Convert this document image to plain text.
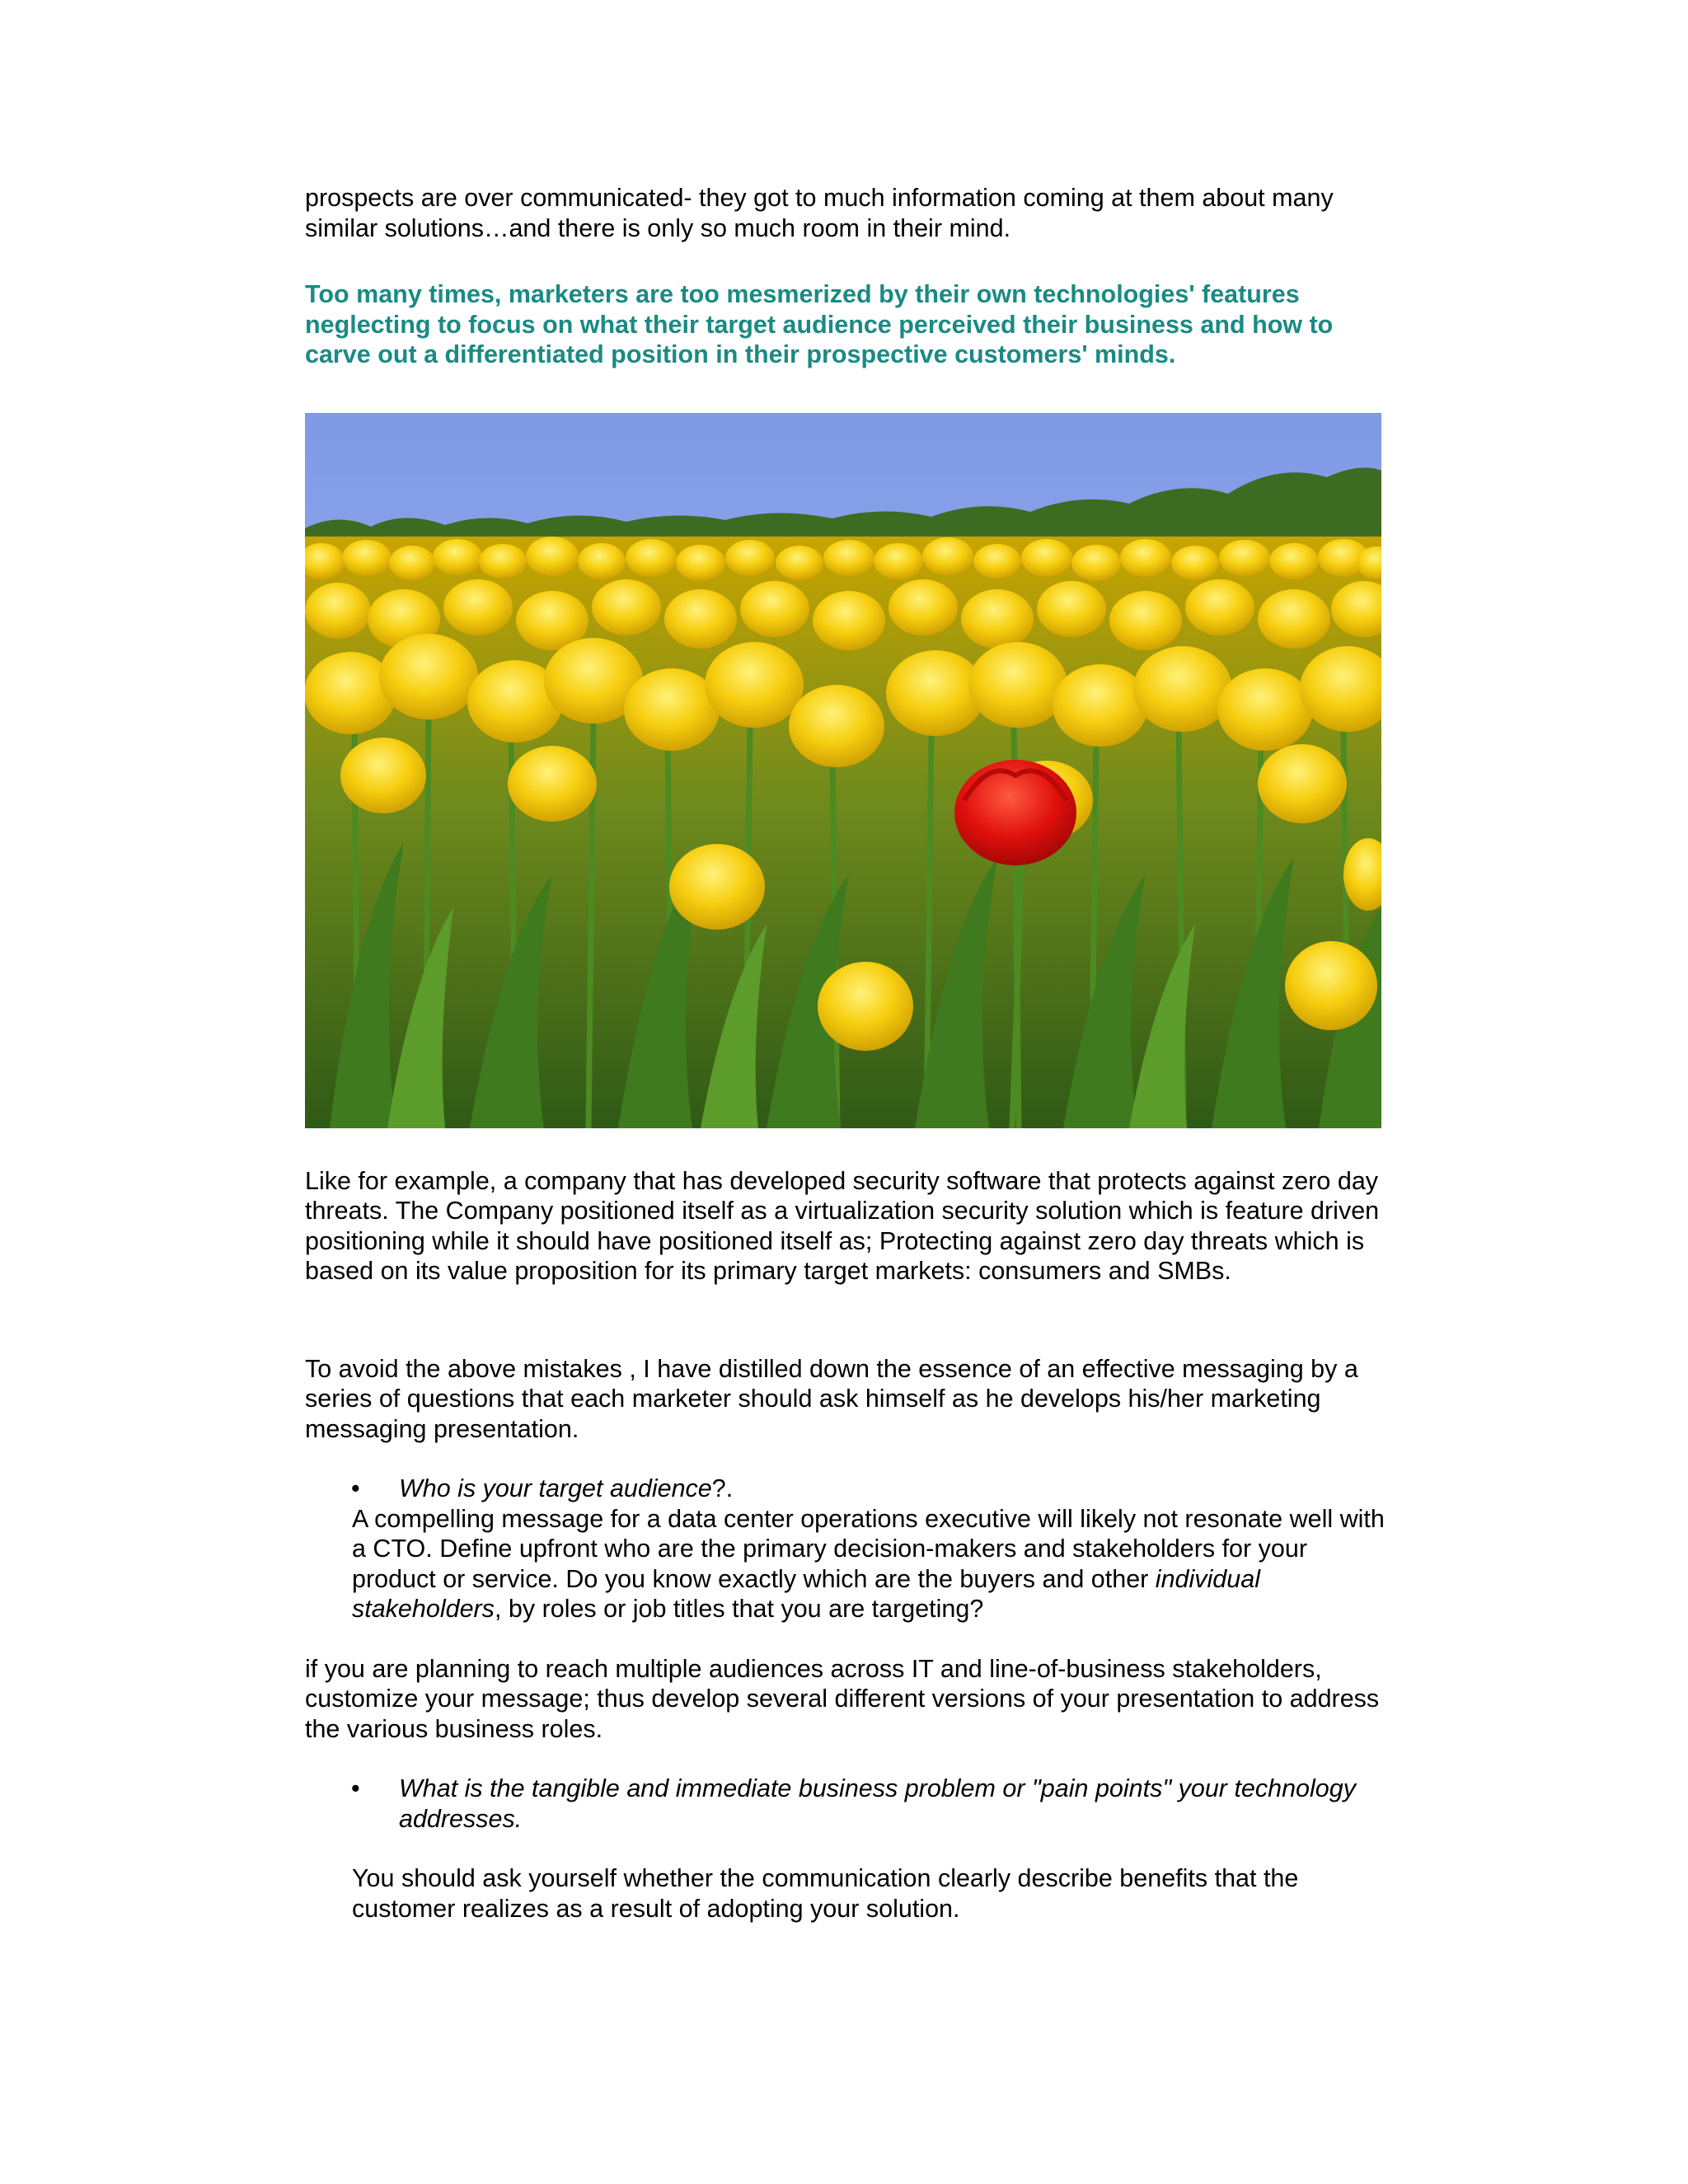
prospects are over communicated- they got to much information coming at them about many similar solutions…and there is only so much room in their mind.

Too many times, marketers are too mesmerized by their own technologies' features neglecting to focus on what their target audience perceived their business and how to carve out a differentiated position in their prospective customers' minds.

Like for example, a company that has developed security software that protects against zero day threats. The Company positioned itself as a virtualization security solution which is feature driven positioning while it should have positioned itself as; Protecting against zero day threats which is based on its value proposition for its primary target markets: consumers and SMBs.

To avoid the above mistakes , I have distilled down the essence of an effective messaging by a series of questions that each marketer should ask himself as he develops his/her marketing messaging presentation.

• Who is your target audience?.

A compelling message for a data center operations executive will likely not resonate well with a CTO. Define upfront who are the primary decision-makers and stakeholders for your product or service. Do you know exactly which are the buyers and other individual stakeholders, by roles or job titles that you are targeting?

if you are planning to reach multiple audiences across IT and line-of-business stakeholders, customize your message; thus develop several different versions of your presentation to address the various business roles.

• What is the tangible and immediate business problem or "pain points" your technology addresses.

You should ask yourself whether the communication clearly describe benefits that the customer realizes as a result of adopting your solution.
